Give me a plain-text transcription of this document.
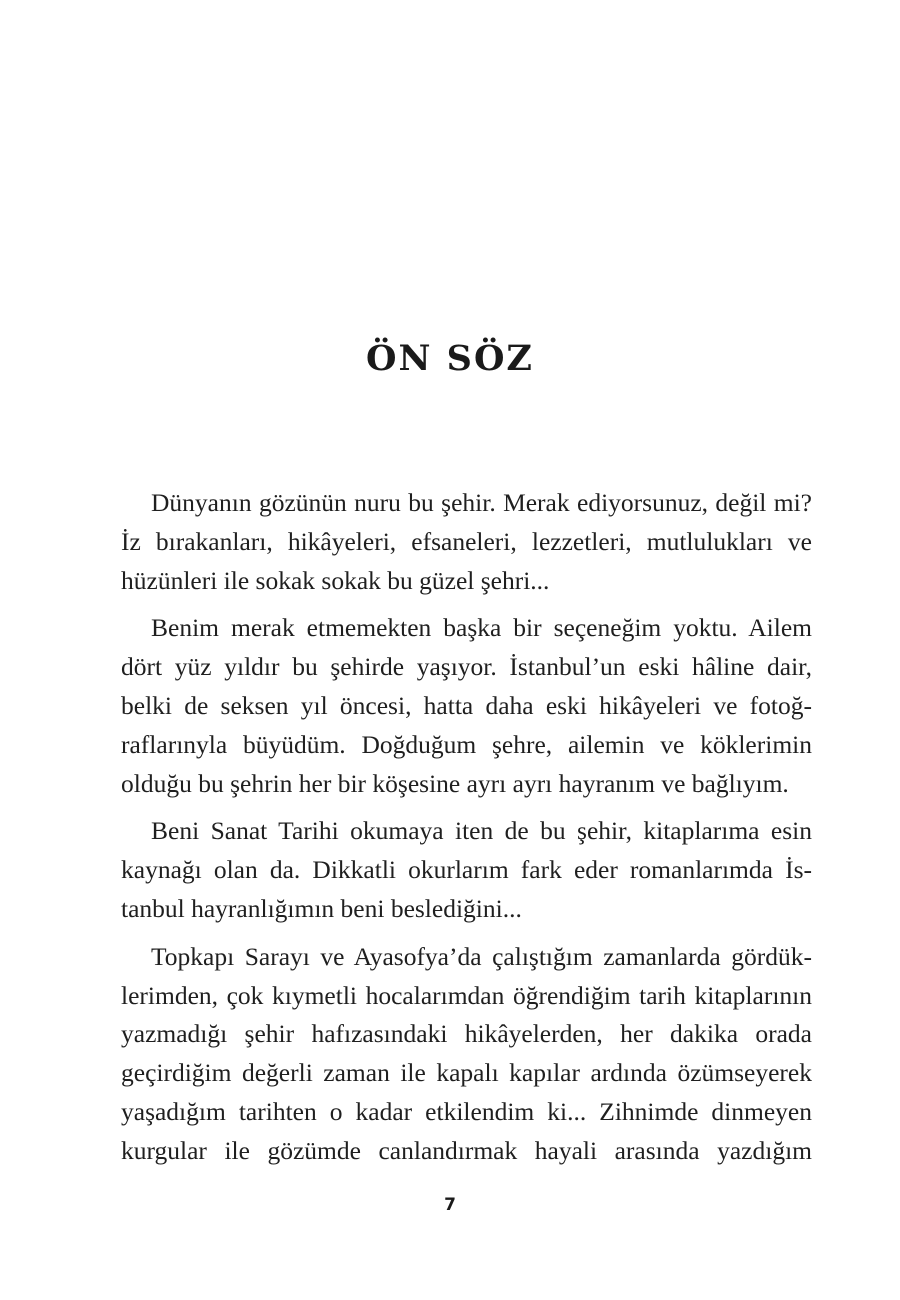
ÖN SÖZ

Dünyanın gözünün nuru bu şehir. Merak ediyorsunuz, değil mi? İz bırakanları, hikâyeleri, efsaneleri, lezzetleri, mutlulukları ve hüzünleri ile sokak sokak bu güzel şehri...

Benim merak etmemekten başka bir seçeneğim yoktu. Ailem dört yüz yıldır bu şehirde yaşıyor. İstanbul’un eski hâline dair, belki de seksen yıl öncesi, hatta daha eski hikâyeleri ve fotoğraflarınyla büyüdüm. Doğduğum şehre, ailemin ve köklerimin olduğu bu şehrin her bir köşesine ayrı ayrı hayranım ve bağlıyım.

Beni Sanat Tarihi okumaya iten de bu şehir, kitaplarıma esin kaynağı olan da. Dikkatli okurlarım fark eder romanlarımda İstanbul hayranlığımın beni beslediğini...

Topkapı Sarayı ve Ayasofya’da çalıştığım zamanlarda gördüklerimden, çok kıymetli hocalarımdan öğrendiğim tarih kitaplarının yazmadığı şehir hafızasındaki hikâyelerden, her dakika orada geçirdiğim değerli zaman ile kapalı kapılar ardında özümseyerek yaşadığım tarihten o kadar etkilendim ki... Zihnimde dinmeyen kurgular ile gözümde canlandırmak hayali arasında yazdığım

7
